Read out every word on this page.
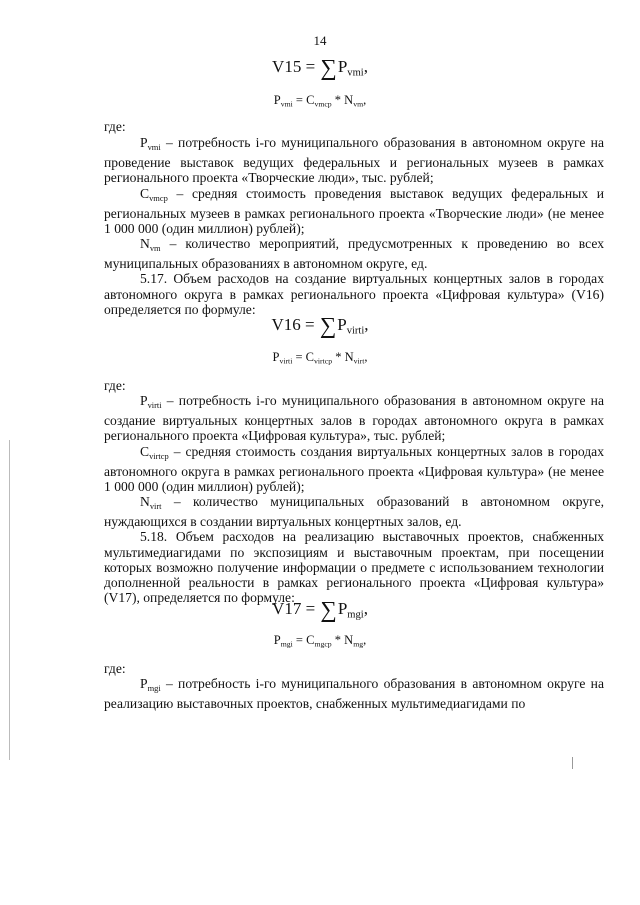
14
$V15 = \sum P_{vmi}$,
$P_{vmi} = C_{vmcp} * N_{vm}$,
где:

$P_{vmi}$ – потребность i-го муниципального образования в автономном округе на проведение выставок ведущих федеральных и региональных музеев в рамках регионального проекта «Творческие люди», тыс. рублей;

$C_{vmcp}$ – средняя стоимость проведения выставок ведущих федеральных и региональных музеев в рамках регионального проекта «Творческие люди» (не менее 1 000 000 (один миллион) рублей);

$N_{vm}$ – количество мероприятий, предусмотренных к проведению во всех муниципальных образованиях в автономном округе, ед.

5.17. Объем расходов на создание виртуальных концертных залов в городах автономного округа в рамках регионального проекта «Цифровая культура» (V16) определяется по формуле:

$V16 = \sum P_{virti}$,
$P_{virti} = C_{virtcp} * N_{virt}$,
где:

$P_{virti}$ – потребность i-го муниципального образования в автономном округе на создание виртуальных концертных залов в городах автономного округа в рамках регионального проекта «Цифровая культура», тыс. рублей;

$C_{virtcp}$ – средняя стоимость создания виртуальных концертных залов в городах автономного округа в рамках регионального проекта «Цифровая культура» (не менее 1 000 000 (один миллион) рублей);

$N_{virt}$ – количество муниципальных образований в автономном округе, нуждающихся в создании виртуальных концертных залов, ед.

5.18. Объем расходов на реализацию выставочных проектов, снабженных мультимедиагидами по экспозициям и выставочным проектам, при посещении которых возможно получение информации о предмете с использованием технологии дополненной реальности в рамках регионального проекта «Цифровая культура» (V17), определяется по формуле:

$V17 = \sum P_{mgi}$,
$P_{mgi} = C_{mgcp} * N_{mg}$,
где:

$P_{mgi}$ – потребность i-го муниципального образования в автономном округе на реализацию выставочных проектов, снабженных мультимедиагидами по
